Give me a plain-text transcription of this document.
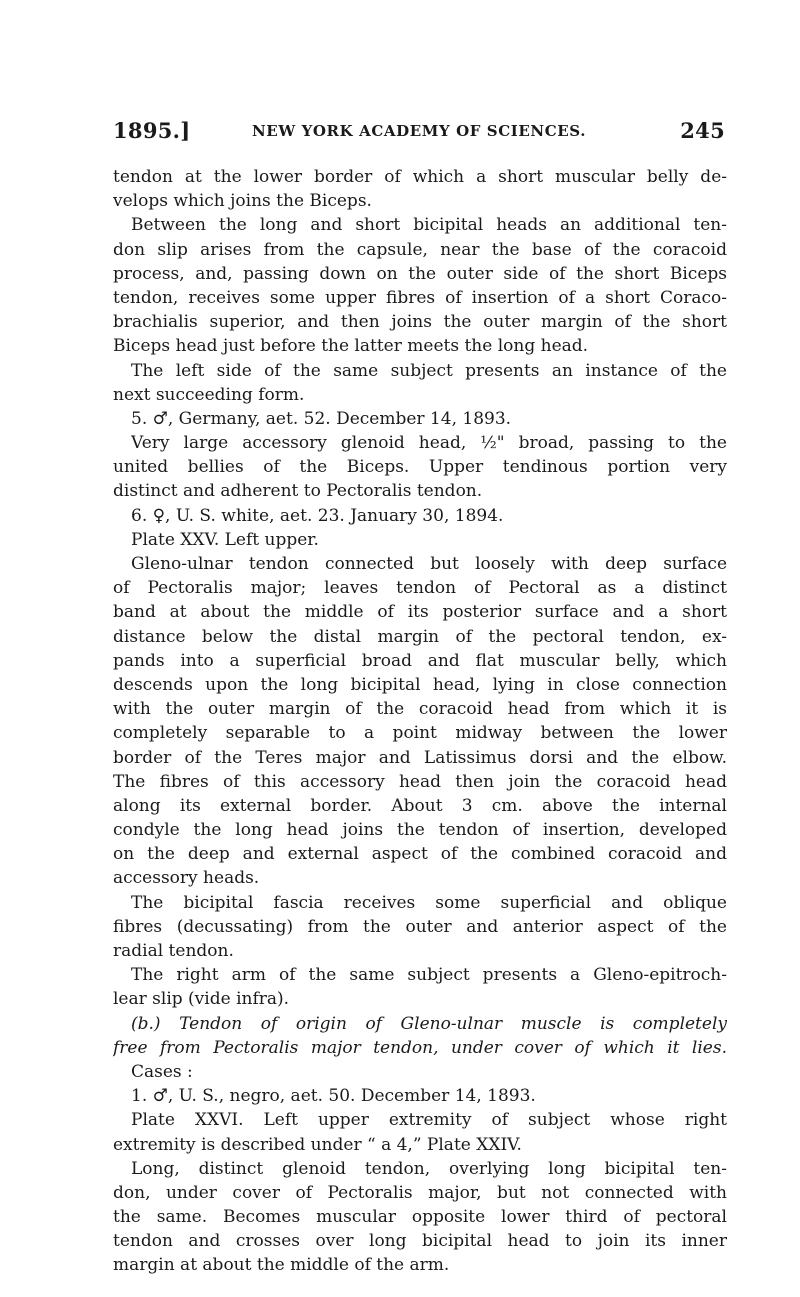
1895.]	NEW YORK ACADEMY OF SCIENCES.	245
tendon at the lower border of which a short muscular belly de-
velops which joins the Biceps.
Between the long and short bicipital heads an additional ten-
don slip arises from the capsule, near the base of the coracoid
process, and, passing down on the outer side of the short Biceps
tendon, receives some upper fibres of insertion of a short Coraco-
brachialis superior, and then joins the outer margin of the short
Biceps head just before the latter meets the long head.
The left side of the same subject presents an instance of the
next succeeding form.
5. ♂, Germany, aet. 52. December 14, 1893.
Very large accessory glenoid head, ½" broad, passing to the
united bellies of the Biceps. Upper tendinous portion very
distinct and adherent to Pectoralis tendon.
6. ♀, U. S. white, aet. 23. January 30, 1894.
Plate XXV. Left upper.
Gleno-ulnar tendon connected but loosely with deep surface
of Pectoralis major; leaves tendon of Pectoral as a distinct
band at about the middle of its posterior surface and a short
distance below the distal margin of the pectoral tendon, ex-
pands into a superficial broad and flat muscular belly, which
descends upon the long bicipital head, lying in close connection
with the outer margin of the coracoid head from which it is
completely separable to a point midway between the lower
border of the Teres major and Latissimus dorsi and the elbow.
The fibres of this accessory head then join the coracoid head
along its external border. About 3 cm. above the internal
condyle the long head joins the tendon of insertion, developed
on the deep and external aspect of the combined coracoid and
accessory heads.
The bicipital fascia receives some superficial and oblique
fibres (decussating) from the outer and anterior aspect of the
radial tendon.
The right arm of the same subject presents a Gleno-epitroch-
lear slip (vide infra).
(b.) Tendon of origin of Gleno-ulnar muscle is completely
free from Pectoralis major tendon, under cover of which it lies.
Cases :
1. ♂, U. S., negro, aet. 50. December 14, 1893.
Plate XXVI. Left upper extremity of subject whose right
extremity is described under “ a 4,” Plate XXIV.
Long, distinct glenoid tendon, overlying long bicipital ten-
don, under cover of Pectoralis major, but not connected with
the same. Becomes muscular opposite lower third of pectoral
tendon and crosses over long bicipital head to join its inner
margin at about the middle of the arm.
